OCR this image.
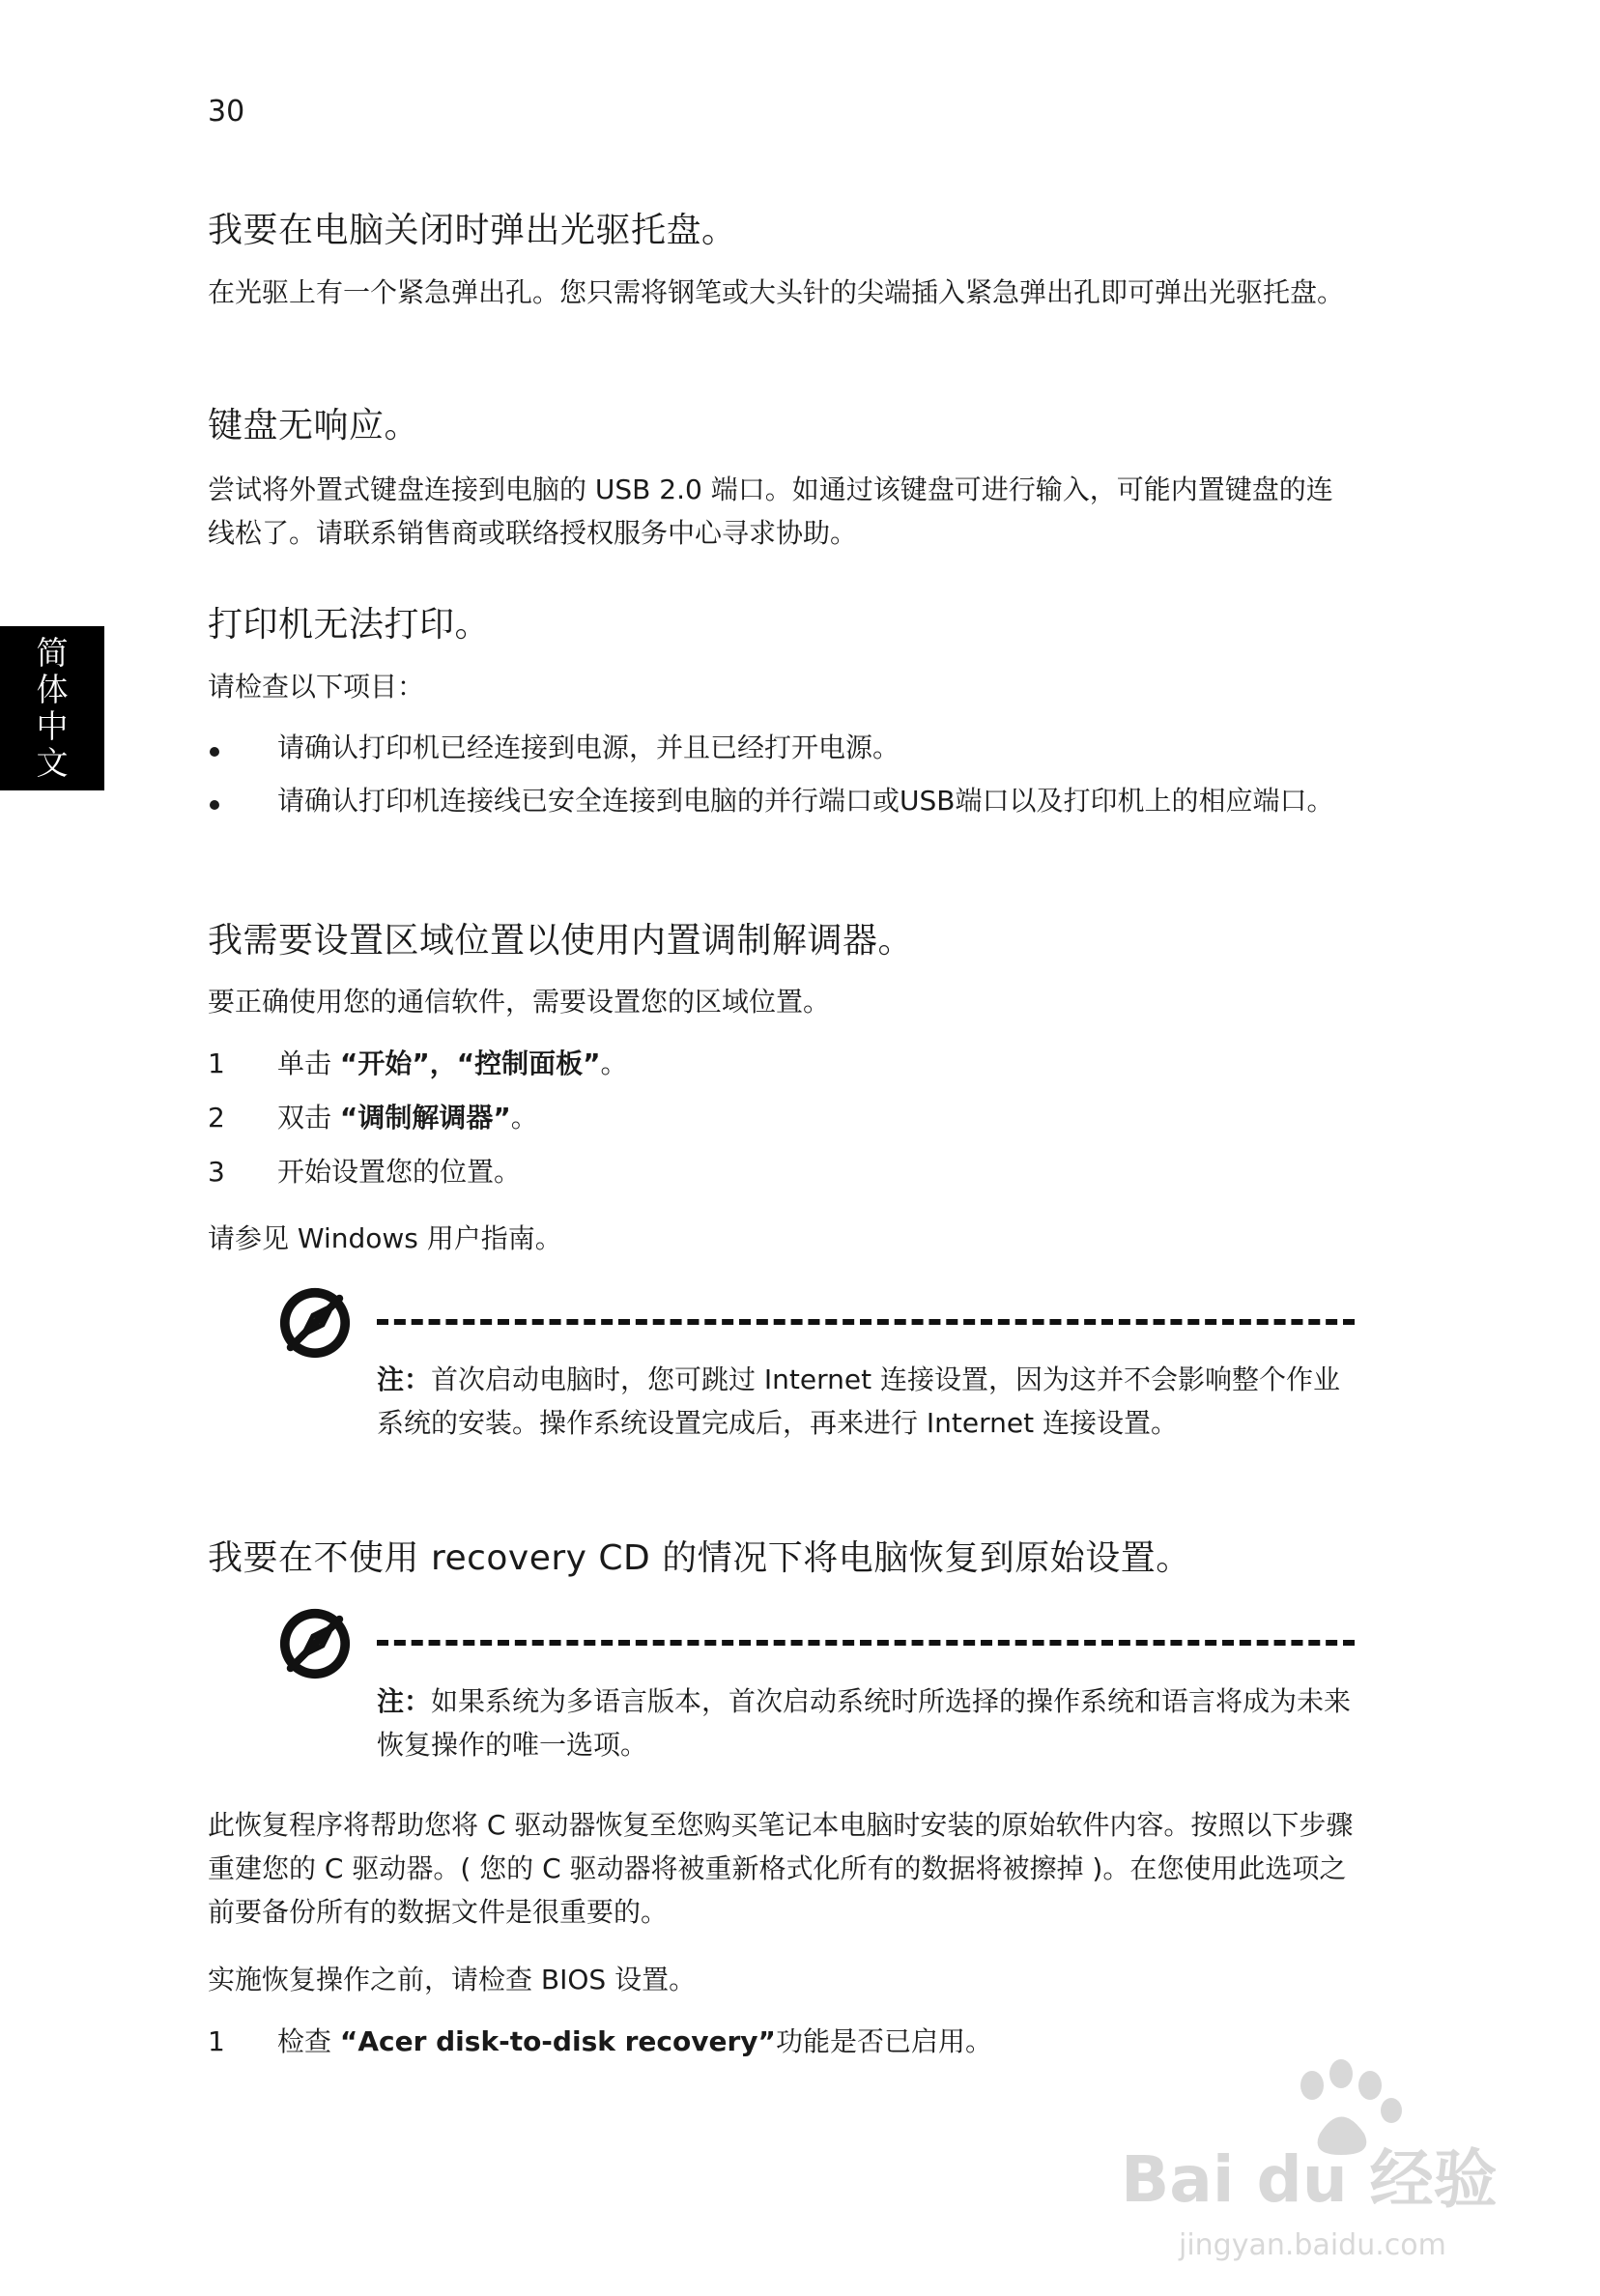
30
简
体
中
文
我要在电脑关闭时弹出光驱托盘。
在光驱上有一个紧急弹出孔。您只需将钢笔或大头针的尖端插入紧急弹出孔即可弹出光驱托盘。
键盘无响应。
尝试将外置式键盘连接到电脑的 USB 2.0 端口。如通过该键盘可进行输入，可能内置键盘的连线松了。请联系销售商或联络授权服务中心寻求协助。
打印机无法打印。
请检查以下项目：
请确认打印机已经连接到电源，并且已经打开电源。
请确认打印机连接线已安全连接到电脑的并行端口或USB端口以及打印机上的相应端口。
我需要设置区域位置以使用内置调制解调器。
要正确使用您的通信软件，需要设置您的区域位置。
1	单击 “开始”，“控制面板”。
2	双击 “调制解调器”。
3	开始设置您的位置。
请参见 Windows 用户指南。
注：首次启动电脑时，您可跳过 Internet 连接设置，因为这并不会影响整个作业系统的安装。操作系统设置完成后，再来进行 Internet 连接设置。
我要在不使用 recovery CD 的情况下将电脑恢复到原始设置。
注：如果系统为多语言版本，首次启动系统时所选择的操作系统和语言将成为未来恢复操作的唯一选项。
此恢复程序将帮助您将 C 驱动器恢复至您购买笔记本电脑时安装的原始软件内容。按照以下步骤重建您的 C 驱动器。( 您的 C 驱动器将被重新格式化所有的数据将被擦掉 )。在您使用此选项之前要备份所有的数据文件是很重要的。
实施恢复操作之前，请检查 BIOS 设置。
1	检查 “Acer disk-to-disk recovery”功能是否已启用。
Bai du 经验
jingyan.baidu.com
